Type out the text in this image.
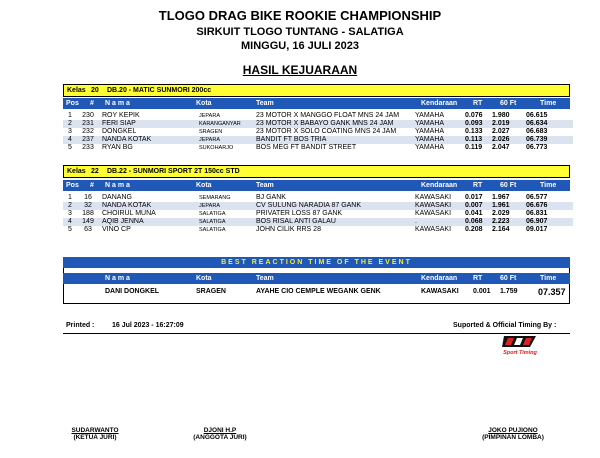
TLOGO DRAG BIKE ROOKIE CHAMPIONSHIP
SIRKUIT TLOGO TUNTANG - SALATIGA
MINGGU, 16 JULI 2023
HASIL KEJUARAAN
Kelas 20 DB.20 - MATIC SUNMORI 200cc
Pos # N a m a	Kota	Team	Kendaraan RT	60 Ft	Time
1	230	ROY KEPIK	JEPARA	23 MOTOR X MANGGO FLOAT MNS 24 JAM	YAMAHA	0.076	1.980	06.615
2	231	FERI SIAP	KARANGANYAR	23 MOTOR X BABAYO GANK MNS 24 JAM	YAMAHA	0.093	2.019	06.634
3	232	DONGKEL	SRAGEN	23 MOTOR X SOLO COATING MNS 24 JAM	YAMAHA	0.133	2.027	06.683
4	237	NANDA KOTAK	JEPARA	BANDIT FT BOS TRIA	YAMAHA	0.113	2.026	06.739
5	233	RYAN BG	SUKOHARJO	BOS MEG FT BANDIT STREET	YAMAHA	0.119	2.047	06.773
Kelas 22 DB.22 - SUNMORI SPORT 2T 150cc STD
Pos # N a m a	Kota	Team	Kendaraan RT	60 Ft	Time
1	16	DANANG	SEMARANG	BJ GANK	KAWASAKI	0.017	1.967	06.577
2	32	NANDA KOTAK	JEPARA	CV SULUNG NARADIA 87 GANK	KAWASAKI	0.007	1.961	06.676
3	188	CHOIRUL MUNA	SALATIGA	PRIVATER LOSS 87 GANK	KAWASAKI	0.041	2.029	06.831
4	149	AQIB JENNA	SALATIGA	BOS RISAL ANTI GALAU	.	0.068	2.223	06.907
5	63	VINO CP	SALATIGA	JOHN CILIK RRS 28	KAWASAKI	0.208	2.164	09.017
BEST REACTION TIME OF THE EVENT
N a m a	Kota	Team	Kendaraan RT	60 Ft	Time
DANI DONGKEL	SRAGEN	AYAHE CIO CEMPLE WEGANK GENK	KAWASAKI 0.001 1.759 07.357
Printed :	16 Jul 2023 - 16:27:09	Suported & Official Timing By :
Sport Timing
SUDARWANTO
(KETUA JURI)
DJONI H.P
(ANGGOTA JURI)
JOKO PUJIONO
(PIMPINAN LOMBA)
